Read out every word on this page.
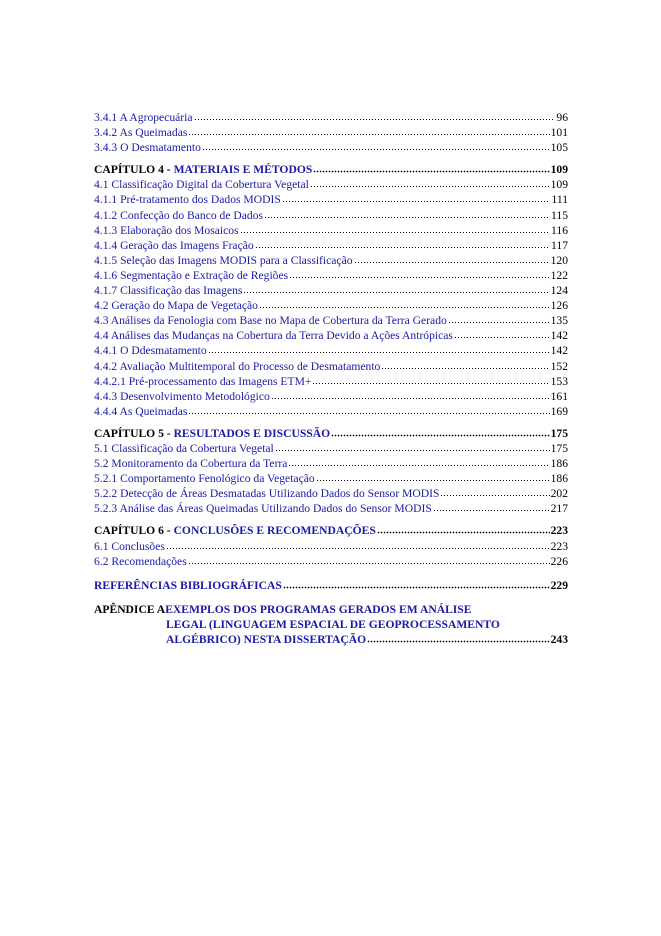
3.4.1 A Agropecuária	96
3.4.2 As Queimadas	101
3.4.3 O Desmatamento	105
CAPÍTULO 4 - MATERIAIS E MÉTODOS	109
4.1 Classificação Digital da Cobertura Vegetal	109
4.1.1 Pré-tratamento dos Dados MODIS	111
4.1.2 Confecção do Banco de Dados	115
4.1.3 Elaboração dos Mosaicos	116
4.1.4 Geração das Imagens Fração	117
4.1.5 Seleção das Imagens MODIS para a Classificação	120
4.1.6 Segmentação e Extração de Regiões	122
4.1.7 Classificação das Imagens	124
4.2 Geração do Mapa de Vegetação	126
4.3 Análises da Fenologia com Base no Mapa de Cobertura da Terra Gerado	135
4.4 Análises das Mudanças na Cobertura da Terra Devido a Ações Antrópicas	142
4.4.1 O Ddesmatamento	142
4.4.2 Avaliação Multitemporal do Processo de Desmatamento	152
4.4.2.1 Pré-processamento das Imagens ETM+	153
4.4.3 Desenvolvimento Metodológico	161
4.4.4 As Queimadas	169
CAPÍTULO 5 - RESULTADOS E DISCUSSÃO	175
5.1 Classificação da Cobertura Vegetal	175
5.2 Monitoramento da Cobertura da Terra	186
5.2.1 Comportamento Fenológico da Vegetação	186
5.2.2 Detecção de Áreas Desmatadas Utilizando Dados do Sensor MODIS	202
5.2.3 Análise das Áreas Queimadas Utilizando Dados do Sensor MODIS	217
CAPÍTULO 6 - CONCLUSÕES E RECOMENDAÇÕES	223
6.1 Conclusões	223
6.2 Recomendações	226
REFERÊNCIAS BIBLIOGRÁFICAS	229
APÊNDICE A EXEMPLOS DOS PROGRAMAS GERADOS EM ANÁLISE
LEGAL (LINGUAGEM ESPACIAL DE GEOPROCESSAMENTO
ALGÉBRICO) NESTA DISSERTAÇÃO	243
